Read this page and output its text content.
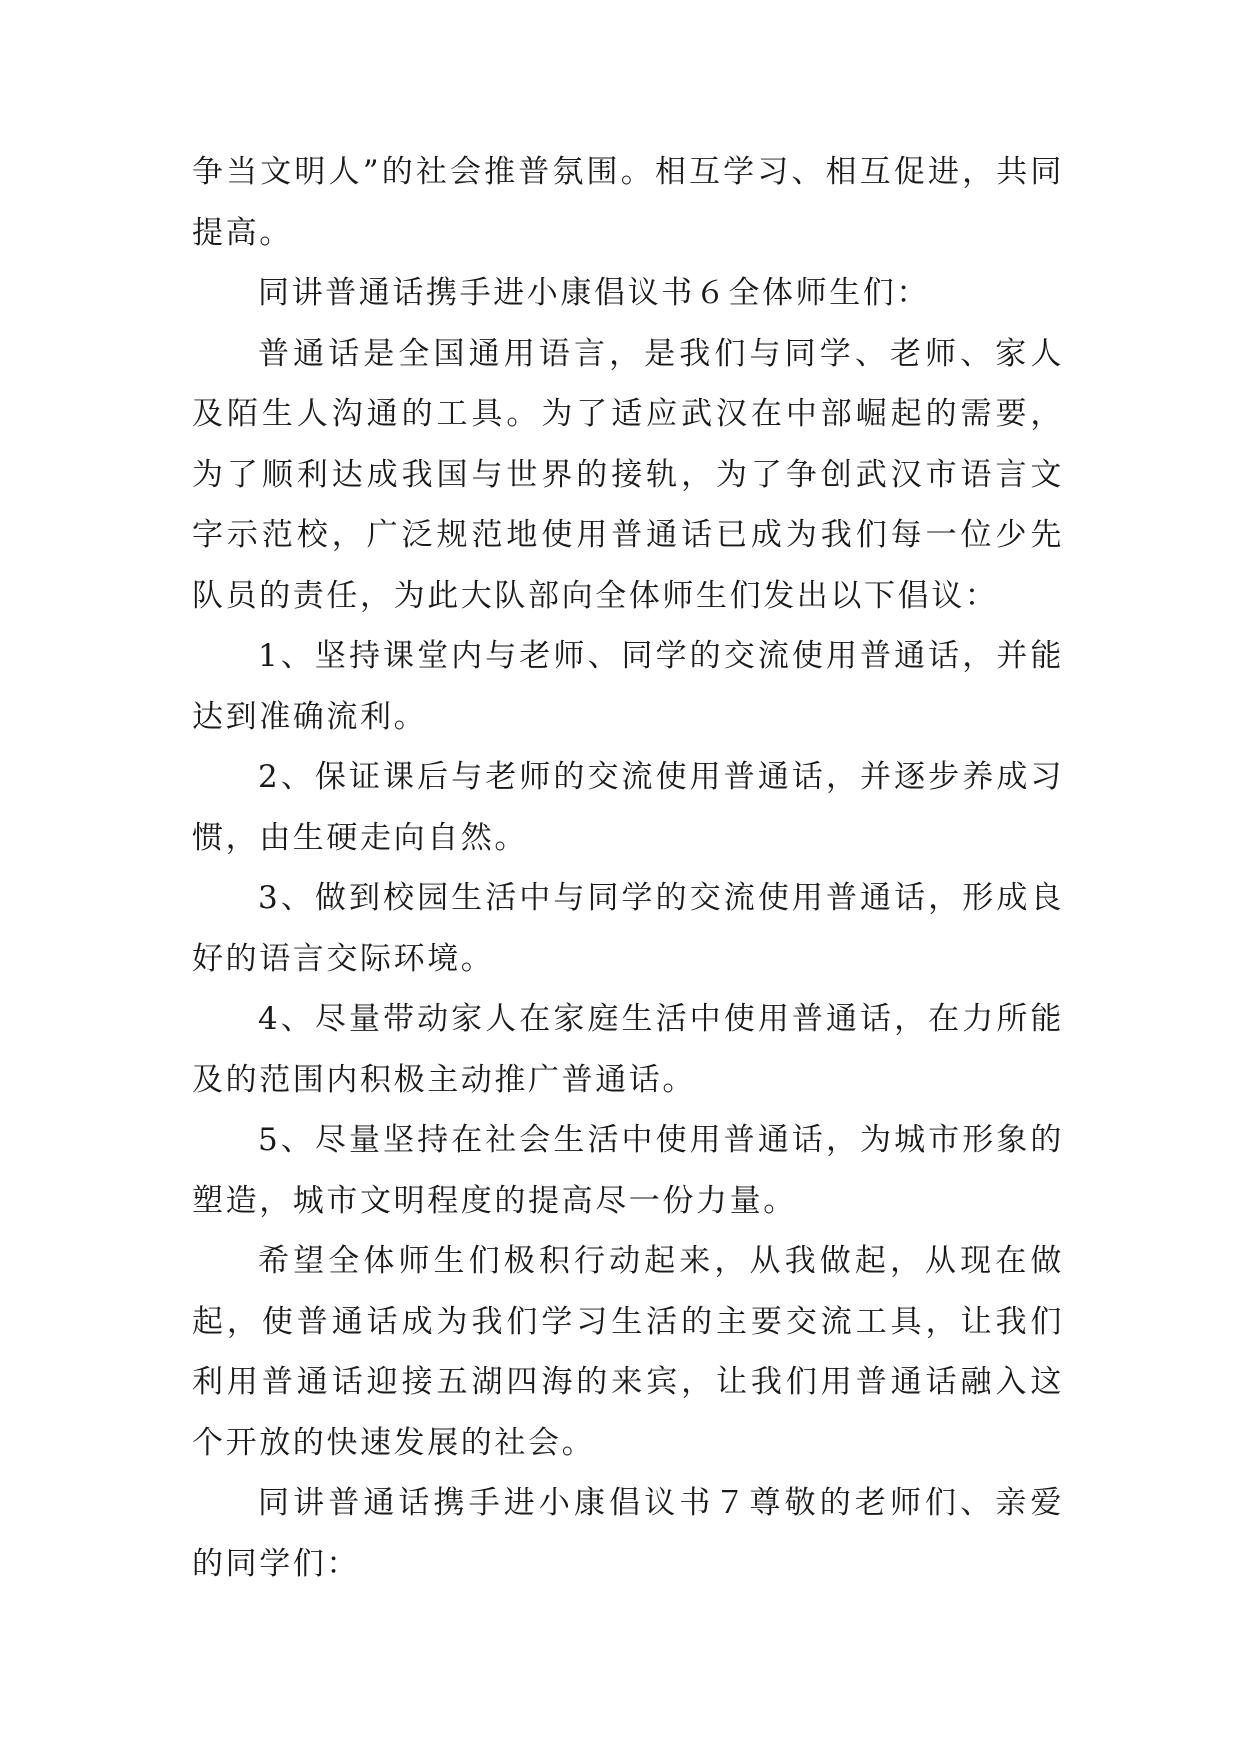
争当文明人”的社会推普氛围。相互学习、相互促进，共同提高。

同讲普通话携手进小康倡议书６全体师生们：

普通话是全国通用语言，是我们与同学、老师、家人及陌生人沟通的工具。为了适应武汉在中部崛起的需要，为了顺利达成我国与世界的接轨，为了争创武汉市语言文字示范校，广泛规范地使用普通话已成为我们每一位少先队员的责任，为此大队部向全体师生们发出以下倡议：

1、坚持课堂内与老师、同学的交流使用普通话，并能达到准确流利。

2、保证课后与老师的交流使用普通话，并逐步养成习惯，由生硬走向自然。

3、做到校园生活中与同学的交流使用普通话，形成良好的语言交际环境。

4、尽量带动家人在家庭生活中使用普通话，在力所能及的范围内积极主动推广普通话。

5、尽量坚持在社会生活中使用普通话，为城市形象的塑造，城市文明程度的提高尽一份力量。

希望全体师生们极积行动起来，从我做起，从现在做起，使普通话成为我们学习生活的主要交流工具，让我们利用普通话迎接五湖四海的来宾，让我们用普通话融入这个开放的快速发展的社会。

同讲普通话携手进小康倡议书７尊敬的老师们、亲爱的同学们：
